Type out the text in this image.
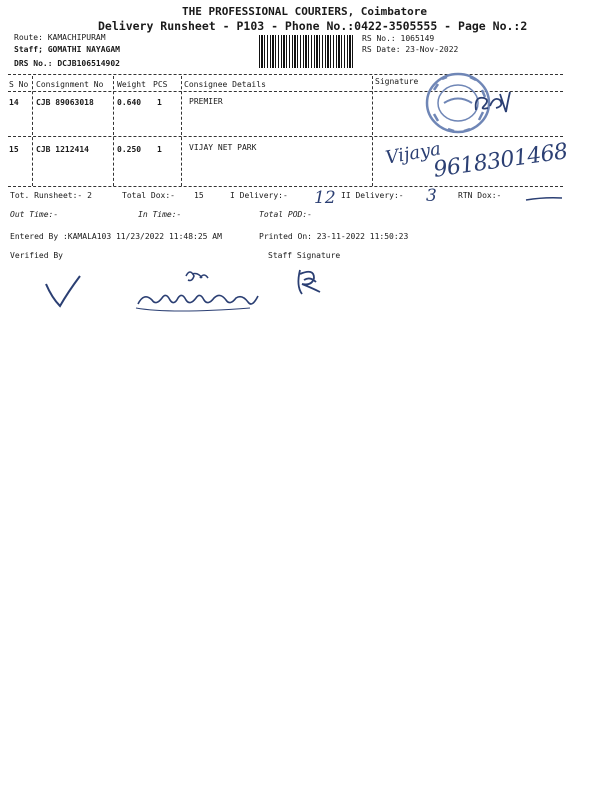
THE PROFESSIONAL COURIERS, Coimbatore
Delivery Runsheet - P103 - Phone No.:0422-3505555 - Page No.:2
Route: KAMACHIPURAM
Staff; GOMATHI NAYAGAM
DRS No.: DCJB106514902
RS No.: 1065149
RS Date: 23-Nov-2022
S No Consignment No Weight PCS Consignee Details	Signature
14 CJB 89063018	0.640 1	PREMIER
15 CJB 1212414	0.250 1	VIJAY NET PARK	Vijaya
9618301468
Tot. Runsheet:- 2	Total Dox:- 15	I Delivery:- 12 II Delivery:- 3	RTN Dox:-
Out Time:-	In Time:-	Total POD:-
Entered By :KAMALA103 11/23/2022 11:48:25 AM	Printed On: 23-11-2022 11:50:23
Verified By	Staff Signature
